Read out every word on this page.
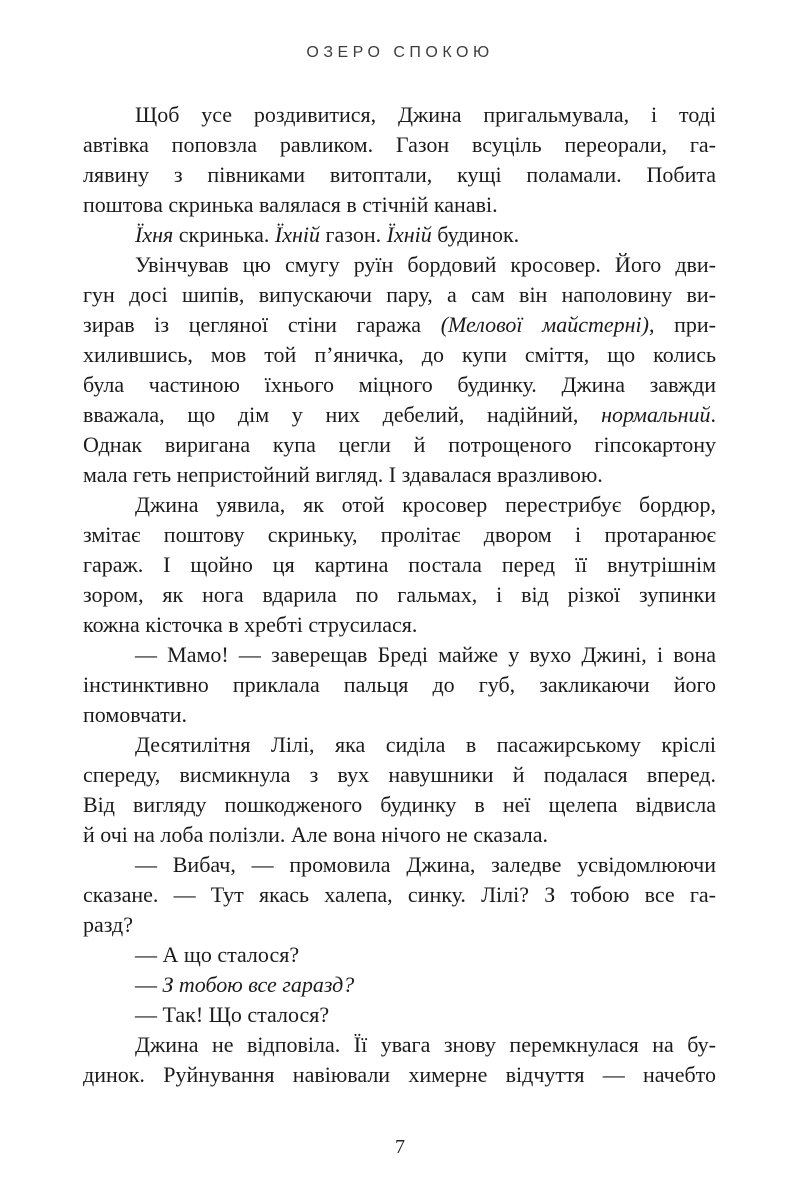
ОЗЕРО СПОКОЮ
Щоб усе роздивитися, Джина пригальмувала, і тоді
автівка поповзла равликом. Газон всуціль переорали, га-
лявину з півниками витоптали, кущі поламали. Побита
поштова скринька валялася в стічній канаві.
Їхня скринька. Їхній газон. Їхній будинок.
Увінчував цю смугу руїн бордовий кросовер. Його дви-
гун досі шипів, випускаючи пару, а сам він наполовину ви-
зирав із цегляної стіни гаража (Мелової майстерні), при-
хилившись, мов той п’яничка, до купи сміття, що колись
була частиною їхнього міцного будинку. Джина завжди
вважала, що дім у них дебелий, надійний, нормальний.
Однак виригана купа цегли й потрощеного гіпсокартону
мала геть непристойний вигляд. І здавалася вразливою.
Джина уявила, як отой кросовер перестрибує бордюр,
змітає поштову скриньку, пролітає двором і протаранює
гараж. І щойно ця картина постала перед її внутрішнім
зором, як нога вдарила по гальмах, і від різкої зупинки
кожна кісточка в хребті струсилася.
— Мамо! — заверещав Бреді майже у вухо Джині, і вона
інстинктивно приклала пальця до губ, закликаючи його
помовчати.
Десятилітня Лілі, яка сиділа в пасажирському кріслі
спереду, висмикнула з вух навушники й подалася вперед.
Від вигляду пошкодженого будинку в неї щелепа відвисла
й очі на лоба полізли. Але вона нічого не сказала.
— Вибач, — промовила Джина, заледве усвідомлюючи
сказане. — Тут якась халепа, синку. Лілі? З тобою все га-
разд?
— А що сталося?
— З тобою все гаразд?
— Так! Що сталося?
Джина не відповіла. Її увага знову перемкнулася на бу-
динок. Руйнування навіювали химерне відчуття — начебто
7
